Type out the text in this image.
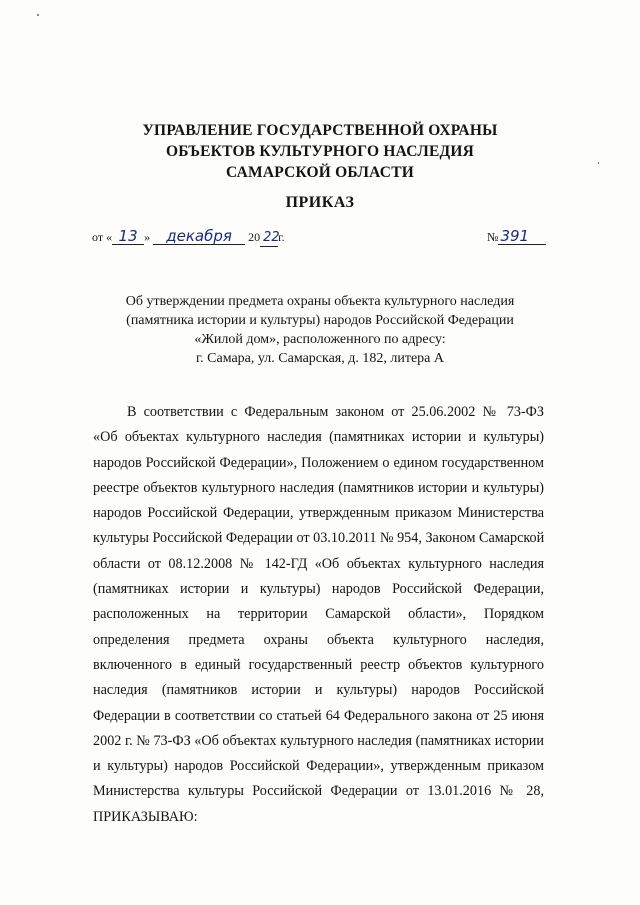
УПРАВЛЕНИЕ ГОСУДАРСТВЕННОЙ ОХРАНЫ
ОБЪЕКТОВ КУЛЬТУРНОГО НАСЛЕДИЯ
САМАРСКОЙ ОБЛАСТИ
ПРИКАЗ
от « 13 » декабря 20 22г.	№ 391
Об утверждении предмета охраны объекта культурного наследия
(памятника истории и культуры) народов Российской Федерации
«Жилой дом», расположенного по адресу:
г. Самара, ул. Самарская, д. 182, литера А
В соответствии с Федеральным законом от 25.06.2002 № 73-ФЗ
«Об объектах культурного наследия (памятниках истории и культуры)
народов Российской Федерации», Положением о едином государственном
реестре объектов культурного наследия (памятников истории и культуры)
народов Российской Федерации, утвержденным приказом Министерства
культуры Российской Федерации от 03.10.2011 № 954, Законом Самарской
области от 08.12.2008 № 142-ГД «Об объектах культурного наследия
(памятниках истории и культуры) народов Российской Федерации,
расположенных на территории Самарской области», Порядком
определения предмета охраны объекта культурного наследия,
включенного в единый государственный реестр объектов культурного
наследия (памятников истории и культуры) народов Российской
Федерации в соответствии со статьей 64 Федерального закона от 25 июня
2002 г. № 73-ФЗ «Об объектах культурного наследия (памятниках истории
и культуры) народов Российской Федерации», утвержденным приказом
Министерства культуры Российской Федерации от 13.01.2016 № 28,
ПРИКАЗЫВАЮ:
